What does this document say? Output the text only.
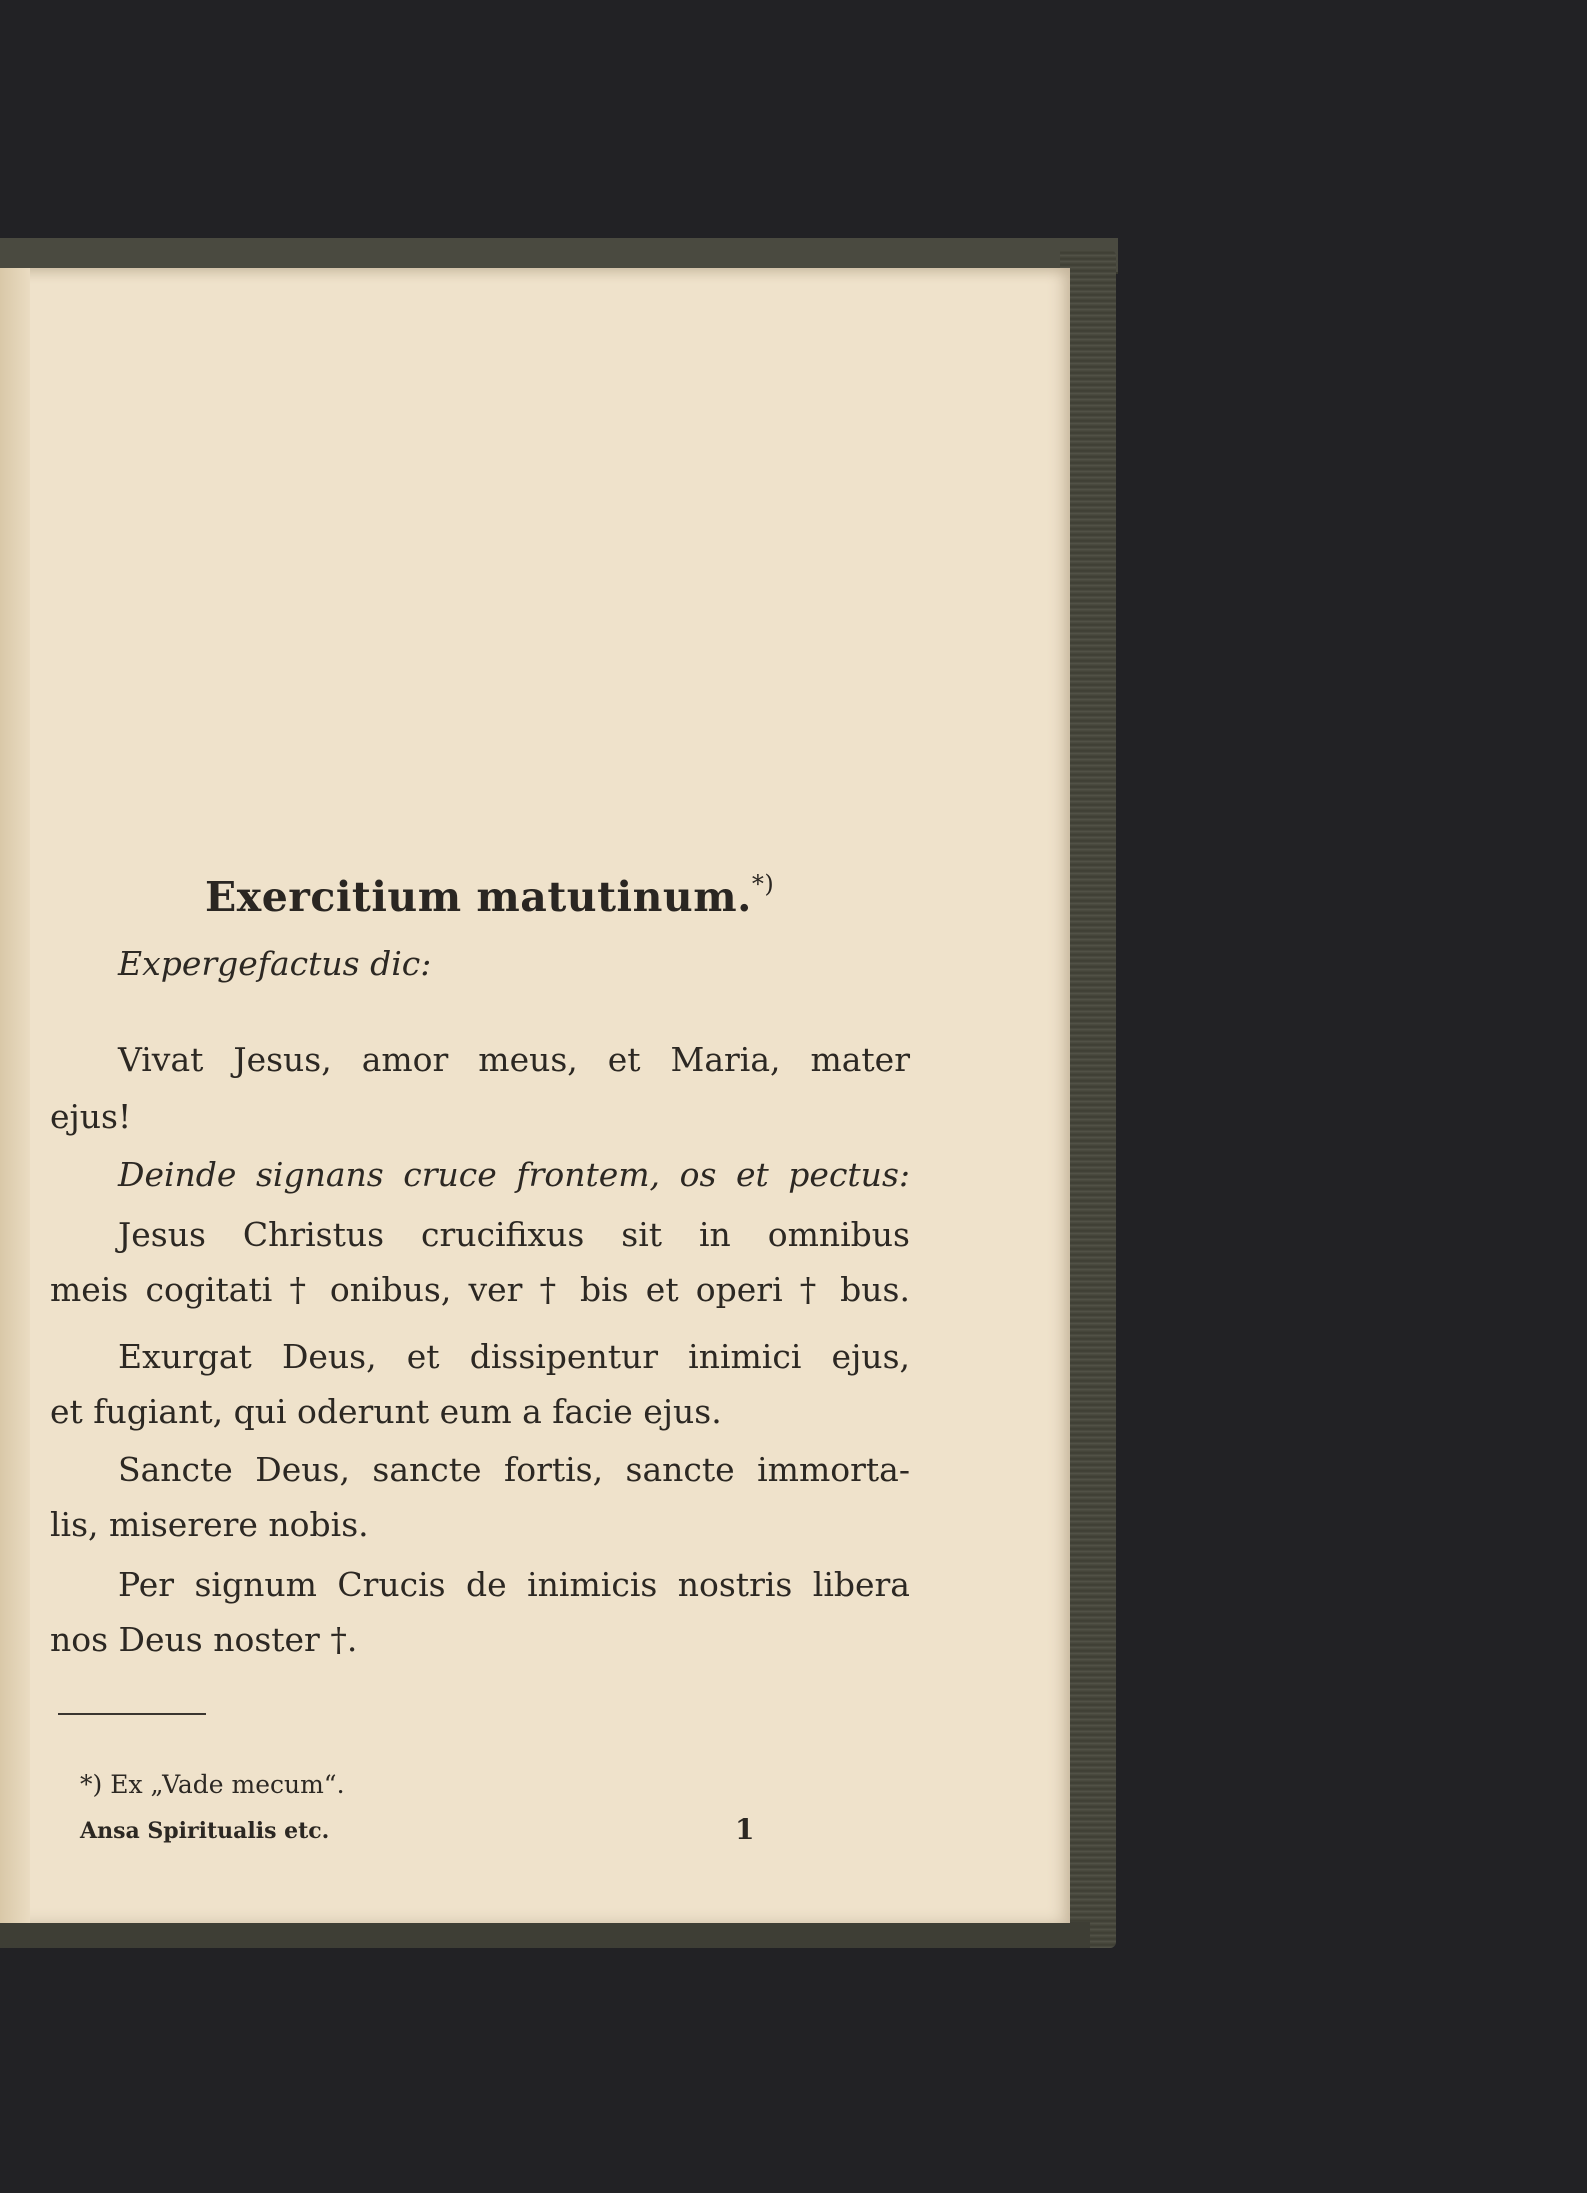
Exercitium matutinum.*)
Expergefactus dic:
Vivat Jesus, amor meus, et Maria, mater
ejus!
Deinde signans cruce frontem, os et pectus:
Jesus Christus crucifixus sit in omnibus
meis cogitati † onibus, ver † bis et operi † bus.
Exurgat Deus, et dissipentur inimici ejus,
et fugiant, qui oderunt eum a facie ejus.
Sancte Deus, sancte fortis, sancte immorta-
lis, miserere nobis.
Per signum Crucis de inimicis nostris libera
nos Deus noster †.
*) Ex „Vade mecum“.
Ansa Spiritualis etc.	1
